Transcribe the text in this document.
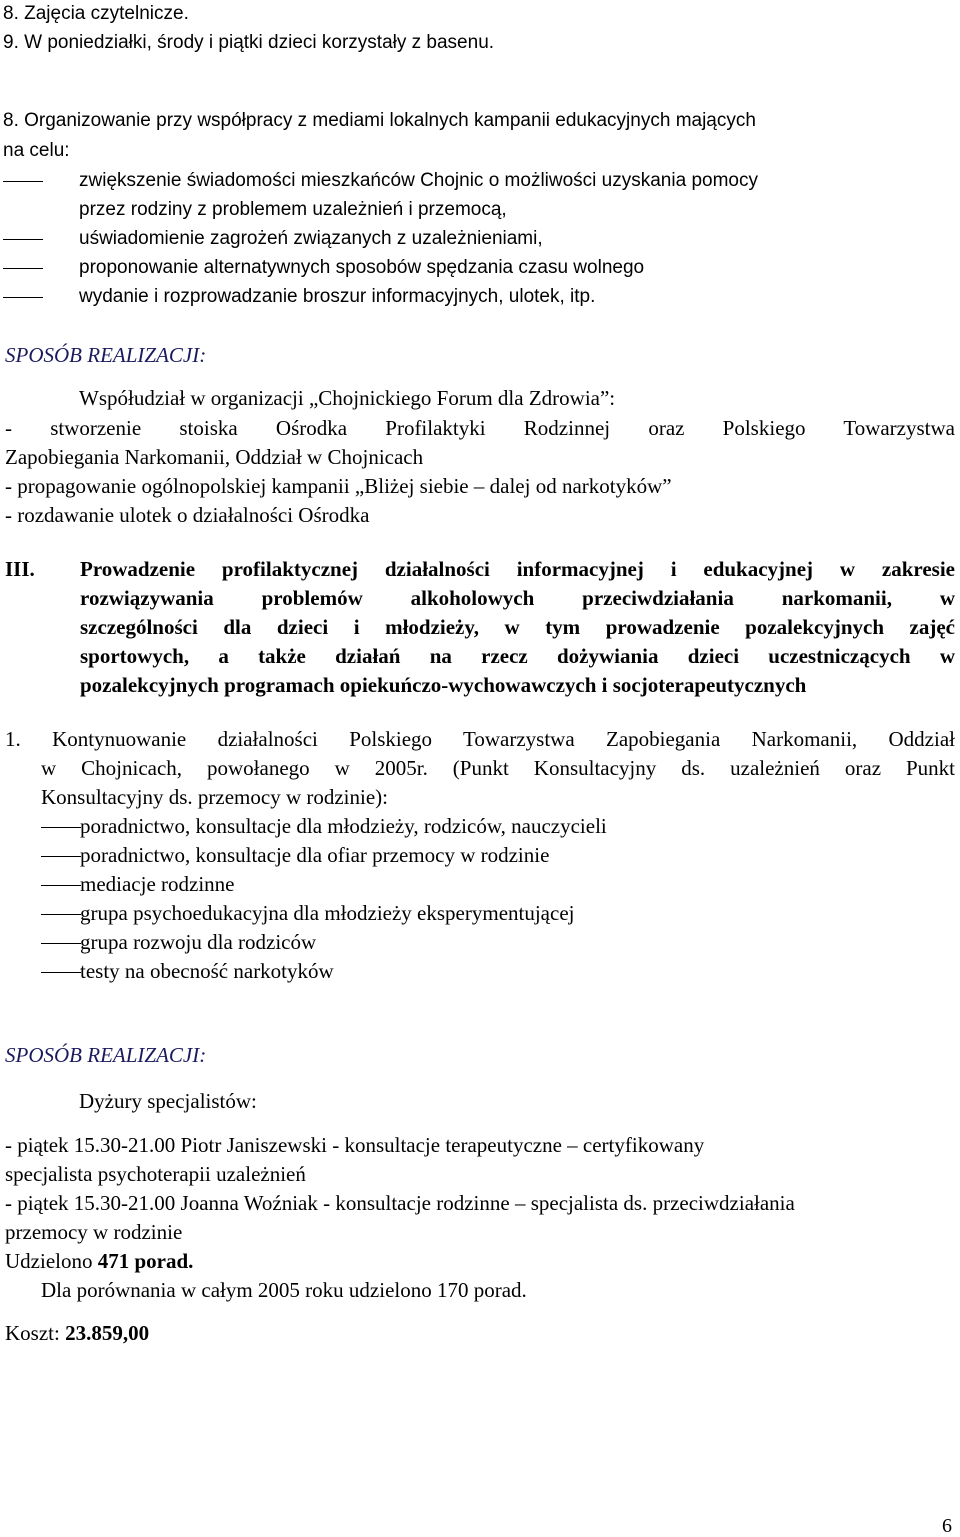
8. Zajęcia czytelnicze.
9. W poniedziałki, środy i piątki dzieci korzystały z basenu.
8. Organizowanie przy współpracy z mediami lokalnych kampanii edukacyjnych mających
na celu:
zwiększenie świadomości mieszkańców Chojnic o możliwości uzyskania pomocy
przez rodziny z problemem uzależnień i przemocą,
uświadomienie zagrożeń związanych z uzależnieniami,
proponowanie alternatywnych sposobów spędzania czasu wolnego
wydanie i rozprowadzanie broszur informacyjnych, ulotek, itp.
SPOSÓB REALIZACJI:
Współudział w organizacji „Chojnickiego Forum dla Zdrowia”:
- stworzenie stoiska Ośrodka Profilaktyki Rodzinnej oraz Polskiego Towarzystwa
Zapobiegania Narkomanii, Oddział w Chojnicach
- propagowanie ogólnopolskiej kampanii „Bliżej siebie – dalej od narkotyków”
- rozdawanie ulotek o działalności Ośrodka
III. Prowadzenie profilaktycznej działalności informacyjnej i edukacyjnej w zakresie
rozwiązywania problemów alkoholowych przeciwdziałania narkomanii, w
szczególności dla dzieci i młodzieży, w tym prowadzenie pozalekcyjnych zajęć
sportowych, a także działań na rzecz dożywiania dzieci uczestniczących w
pozalekcyjnych programach opiekuńczo-wychowawczych i socjoterapeutycznych
1. Kontynuowanie działalności Polskiego Towarzystwa Zapobiegania Narkomanii, Oddział
w Chojnicach, powołanego w 2005r. (Punkt Konsultacyjny ds. uzależnień oraz Punkt
Konsultacyjny ds. przemocy w rodzinie):
poradnictwo, konsultacje dla młodzieży, rodziców, nauczycieli
poradnictwo, konsultacje dla ofiar przemocy w rodzinie
mediacje rodzinne
grupa psychoedukacyjna dla młodzieży eksperymentującej
grupa rozwoju dla rodziców
testy na obecność narkotyków
SPOSÓB REALIZACJI:
Dyżury specjalistów:
- piątek 15.30-21.00 Piotr Janiszewski - konsultacje terapeutyczne – certyfikowany
specjalista psychoterapii uzależnień
- piątek 15.30-21.00 Joanna Woźniak - konsultacje rodzinne – specjalista ds. przeciwdziałania
przemocy w rodzinie
Udzielono 471 porad.
Dla porównania w całym 2005 roku udzielono 170 porad.
Koszt: 23.859,00
6
